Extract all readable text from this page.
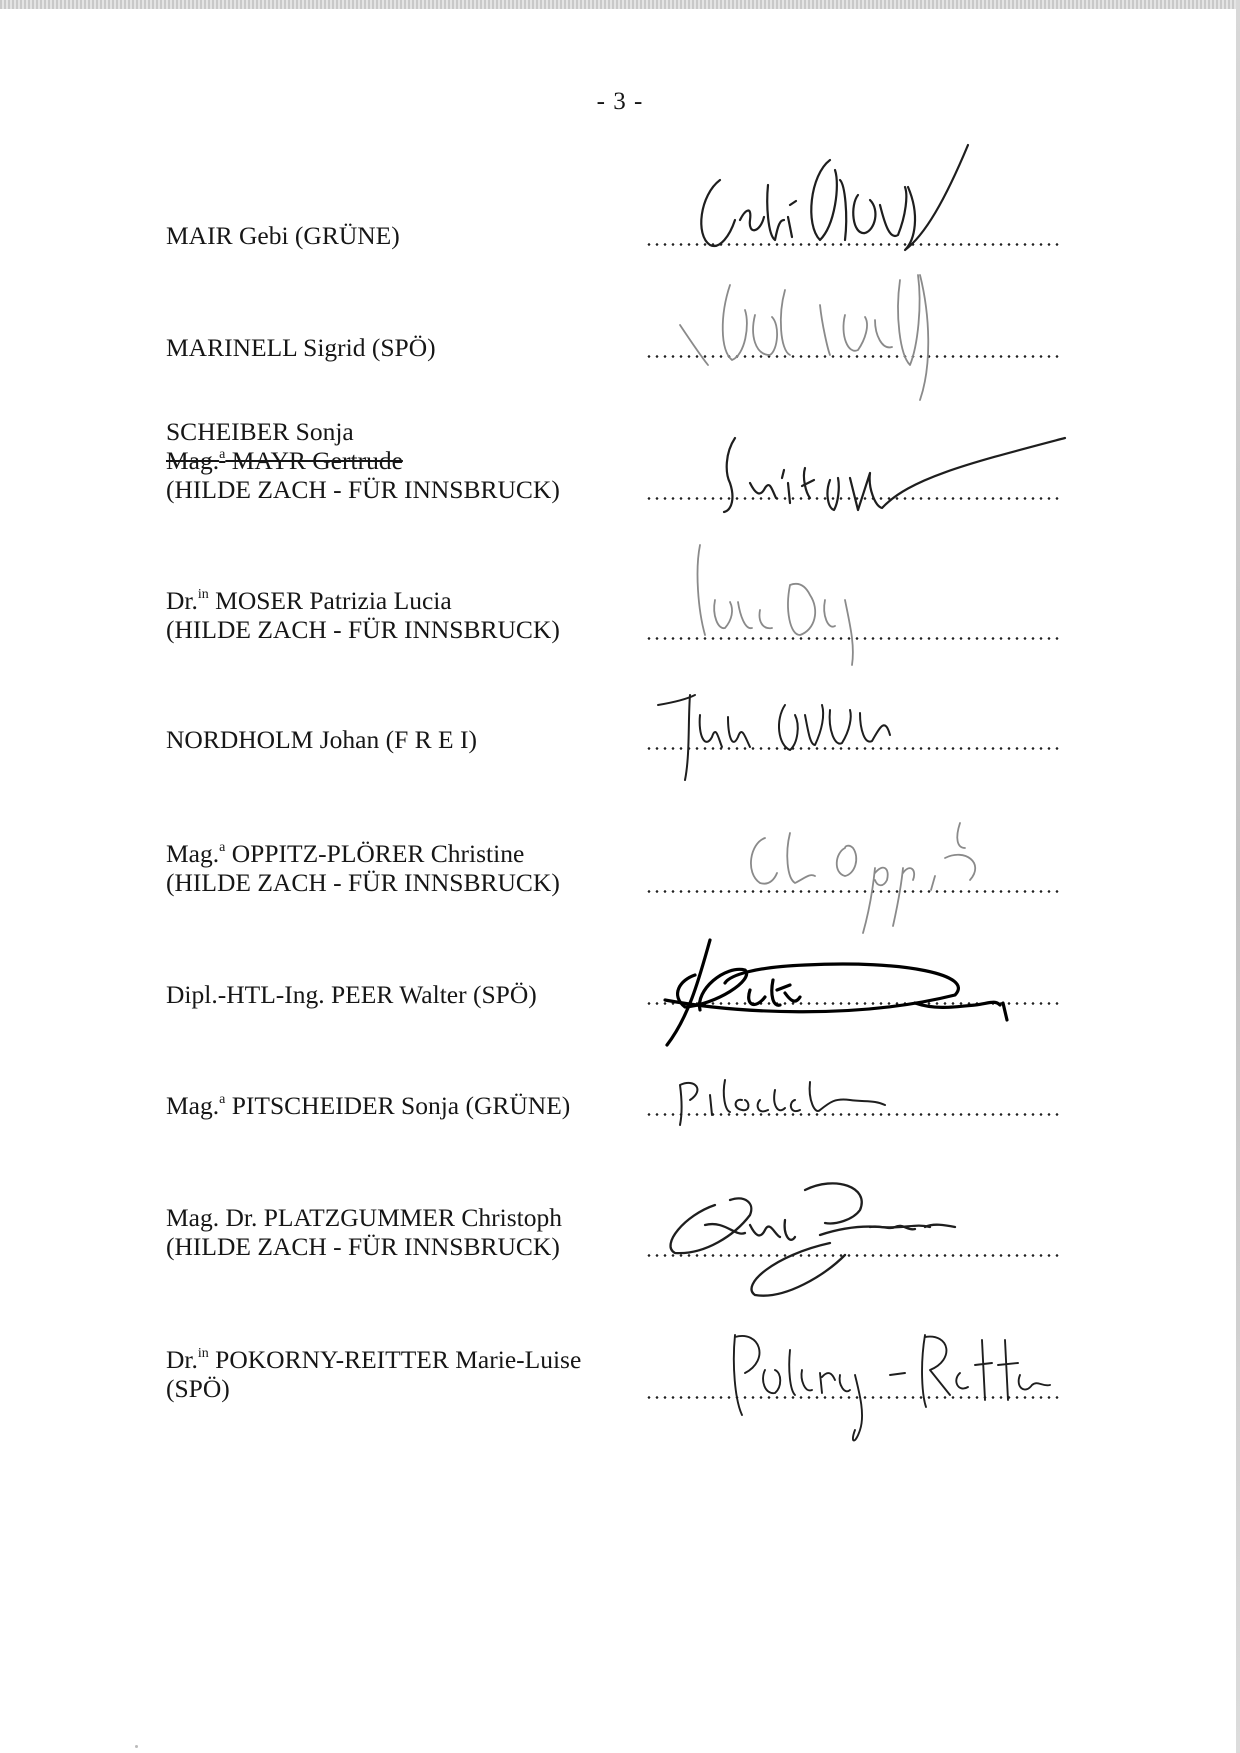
- 3 -
MAIR Gebi (GRÜNE)
MARINELL Sigrid (SPÖ)
SCHEIBER Sonja
Mag.$^a$ MAYR Gertrude
(HILDE ZACH - FÜR INNSBRUCK)
Dr.$^{in}$ MOSER Patrizia Lucia
(HILDE ZACH - FÜR INNSBRUCK)
NORDHOLM Johan (F R E I)
Mag.$^a$ OPPITZ-PLÖRER Christine
(HILDE ZACH - FÜR INNSBRUCK)
Dipl.-HTL-Ing. PEER Walter (SPÖ)
Mag.$^a$ PITSCHEIDER Sonja (GRÜNE)
Mag. Dr. PLATZGUMMER Christoph
(HILDE ZACH - FÜR INNSBRUCK)
Dr.$^{in}$ POKORNY-REITTER Marie-Luise
(SPÖ)
